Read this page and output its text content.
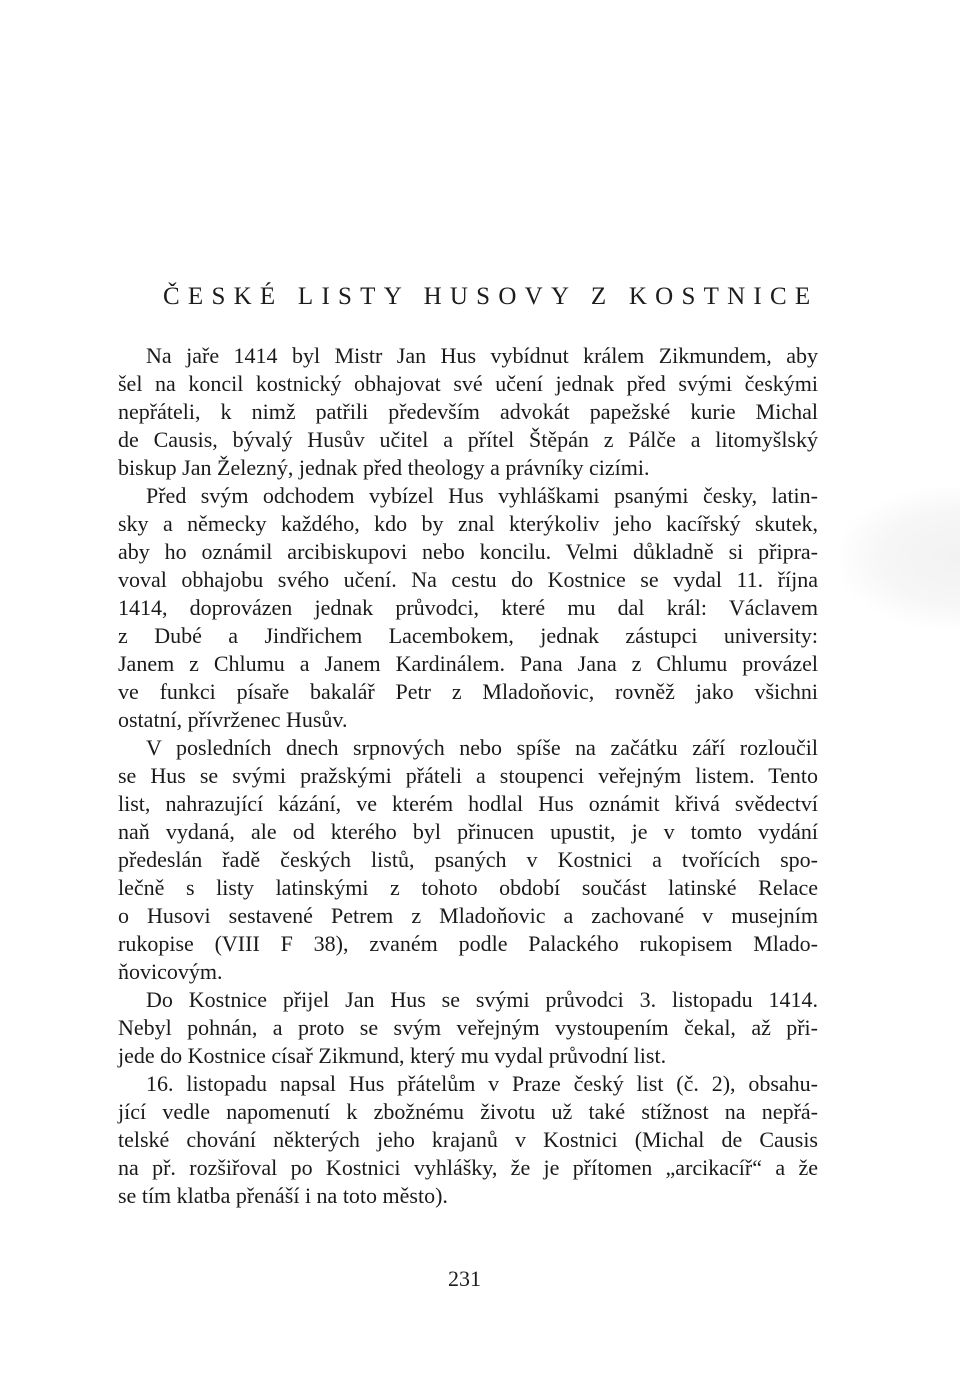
ČESKÉ LISTY HUSOVY Z KOSTNICE
Na jaře 1414 byl Mistr Jan Hus vybídnut králem Zikmundem, aby
šel na koncil kostnický obhajovat své učení jednak před svými českými
nepřáteli, k nimž patřili především advokát papežské kurie Michal
de Causis, bývalý Husův učitel a přítel Štěpán z Pálče a litomyšlský
biskup Jan Železný, jednak před theology a právníky cizími.
Před svým odchodem vybízel Hus vyhláškami psanými česky, latin-
sky a německy každého, kdo by znal kterýkoliv jeho kacířský skutek,
aby ho oznámil arcibiskupovi nebo koncilu. Velmi důkladně si připra-
voval obhajobu svého učení. Na cestu do Kostnice se vydal 11. října
1414, doprovázen jednak průvodci, které mu dal král: Václavem
z Dubé a Jindřichem Lacembokem, jednak zástupci university:
Janem z Chlumu a Janem Kardinálem. Pana Jana z Chlumu provázel
ve funkci písaře bakalář Petr z Mladoňovic, rovněž jako všichni
ostatní, přívrženec Husův.
V posledních dnech srpnových nebo spíše na začátku září rozloučil
se Hus se svými pražskými přáteli a stoupenci veřejným listem. Tento
list, nahrazující kázání, ve kterém hodlal Hus oznámit křivá svědectví
naň vydaná, ale od kterého byl přinucen upustit, je v tomto vydání
předeslán řadě českých listů, psaných v Kostnici a tvořících spo-
lečně s listy latinskými z tohoto období součást latinské Relace
o Husovi sestavené Petrem z Mladoňovic a zachované v musejním
rukopise (VIII F 38), zvaném podle Palackého rukopisem Mlado-
ňovicovým.
Do Kostnice přijel Jan Hus se svými průvodci 3. listopadu 1414.
Nebyl pohnán, a proto se svým veřejným vystoupením čekal, až při-
jede do Kostnice císař Zikmund, který mu vydal průvodní list.
16. listopadu napsal Hus přátelům v Praze český list (č. 2), obsahu-
jící vedle napomenutí k zbožnému životu už také stížnost na nepřá-
telské chování některých jeho krajanů v Kostnici (Michal de Causis
na př. rozšiřoval po Kostnici vyhlášky, že je přítomen „arcikacíř“ a že
se tím klatba přenáší i na toto město).
231
